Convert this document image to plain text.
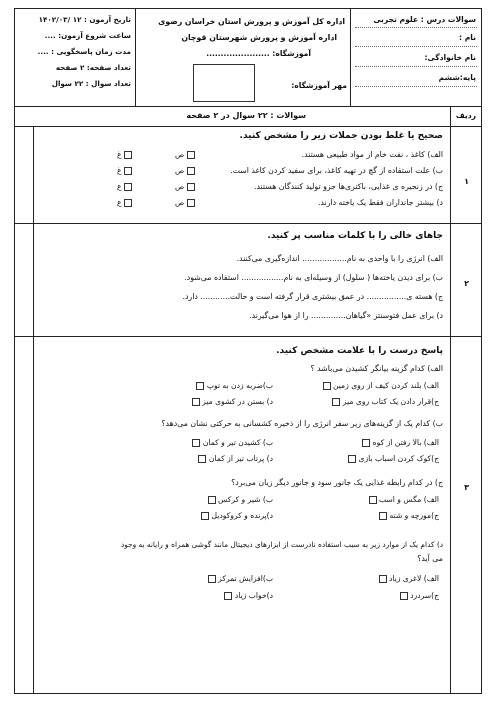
سوالات درس : علوم تجربی
نام :
نام خانوادگی:
پایه:ششم
اداره کل آموزش و پرورش استان خراسان رضوی
اداره آموزش و پرورش شهرستان قوچان
آموزشگاه: ......................
مهر آموزشگاه:
تاریخ آزمون : ۱۲ /۱۴۰۲/۰۳
ساعت شروع آزمون: ....
مدت زمان پاسخگویی : ....
تعداد صفحه: ۲ صفحه
تعداد سوال : ۲۲ سوال
ردیف
سوالات : ۲۲ سوال در ۲ صفحه
۱
صحیح یا غلط بودن جملات زیر را مشخص کنید.
الف) کاغذ ، نفت خام از مواد طبیعی هستند.
ب) علت استفاده از گچ در تهیه کاغذ، برای سفید کردن کاغذ است.
ج) در زنجیره ی غذایی، باکتری‌ها جزو تولید کنندگان هستند.
د) بیشتر جانداران فقط یک یاخته دارند.
ص
غ
ص
غ
ص
ع
ص
ع
۲
جاهای خالی را با کلمات مناسب پر کنید.
الف) انرژی را با واحدی به نام.................. اندازه‌گیری می‌کنند.
ب) برای دیدن یاخته‌ها ( سلول) از وسیله‌ای به نام................. استفاده می‌شود.
ج) هسته ی................ در عمق بیشتری قرار گرفته است و حالت............ دارد.
د) برای عمل فتوسنتز «گیاهان.............. را از هوا می‌گیرند.
۳
پاسخ درست را با علامت مشخص کنید.
الف) کدام گزینه بیانگر کشیدن می‌باشد ؟
الف) بلند کردن کیف از روی زمین
ب)ضربه زدن به توپ
ج)قرار دادن یک کتاب روی میز
د) بستن در کشوی میز
ب) کدام یک از گزینه‌های زیر سفر انرژی را از ذخیره کشسانی به حرکتی نشان می‌دهد؟
الف) بالا رفتن از کوه
ب) کشیدن تیر و کمان
ج)کوک کردن اسباب بازی
د) پرتاب تیر از کمان
ج) در کدام رابطه غذایی یک جانور سود و جانور دیگر زیان می‌برد؟
الف) مگس و اسب
ب) شیر و کرکس
ج)مورچه و شته
د)پرنده و کروکودیل
د) کدام یک از موارد زیر به سبب استفاده نادرست از ابزارهای دیجیتال مانند گوشی همراه و رایانه به وجود
می آید؟
الف) لاغری زیاد
ب)افزایش تمرکز
ج)سردرد
د)خواب زیاد
